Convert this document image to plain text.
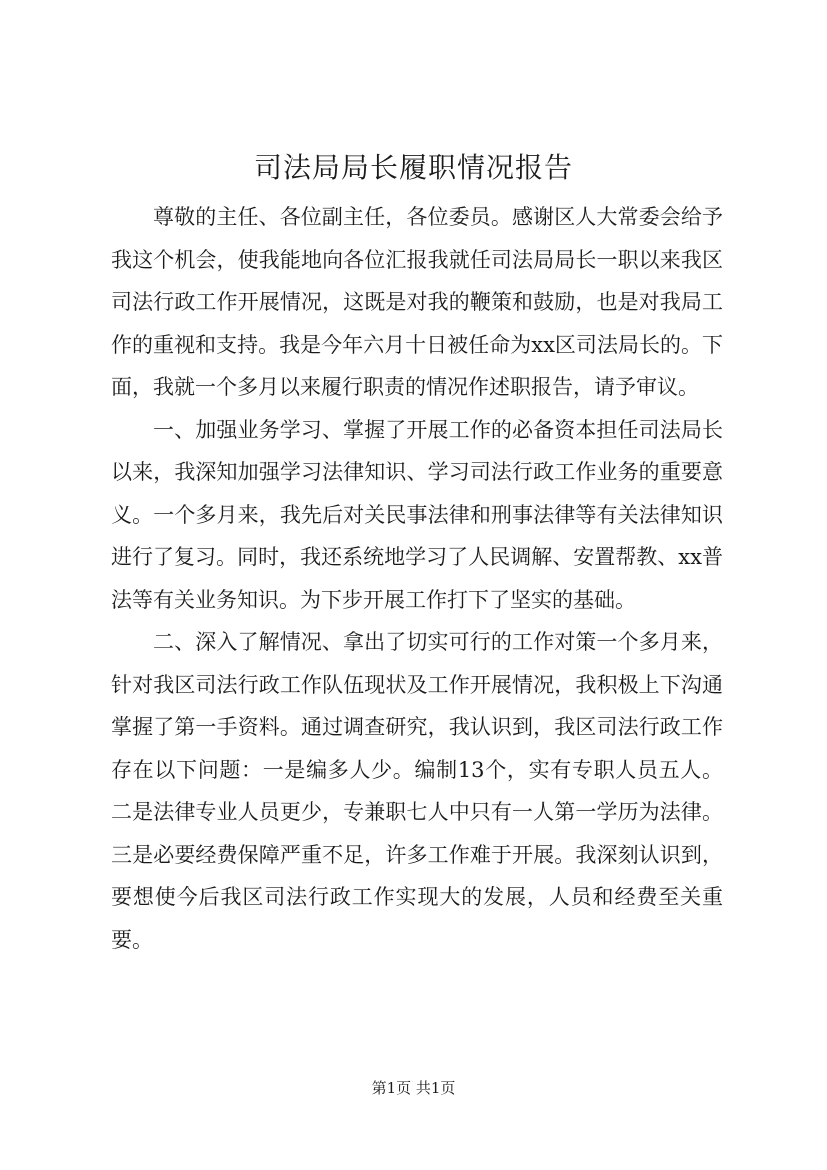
司法局局长履职情况报告

尊敬的主任、各位副主任，各位委员。感谢区人大常委会给予我这个机会，使我能地向各位汇报我就任司法局局长一职以来我区司法行政工作开展情况，这既是对我的鞭策和鼓励，也是对我局工作的重视和支持。我是今年六月十日被任命为xx区司法局长的。下面，我就一个多月以来履行职责的情况作述职报告，请予审议。

一、加强业务学习、掌握了开展工作的必备资本担任司法局长以来，我深知加强学习法律知识、学习司法行政工作业务的重要意义。一个多月来，我先后对关民事法律和刑事法律等有关法律知识进行了复习。同时，我还系统地学习了人民调解、安置帮教、xx普法等有关业务知识。为下步开展工作打下了坚实的基础。

二、深入了解情况、拿出了切实可行的工作对策一个多月来，针对我区司法行政工作队伍现状及工作开展情况，我积极上下沟通掌握了第一手资料。通过调查研究，我认识到，我区司法行政工作存在以下问题：一是编多人少。编制13个，实有专职人员五人。二是法律专业人员更少，专兼职七人中只有一人第一学历为法律。三是必要经费保障严重不足，许多工作难于开展。我深刻认识到，要想使今后我区司法行政工作实现大的发展，人员和经费至关重要。

第1页 共1页
